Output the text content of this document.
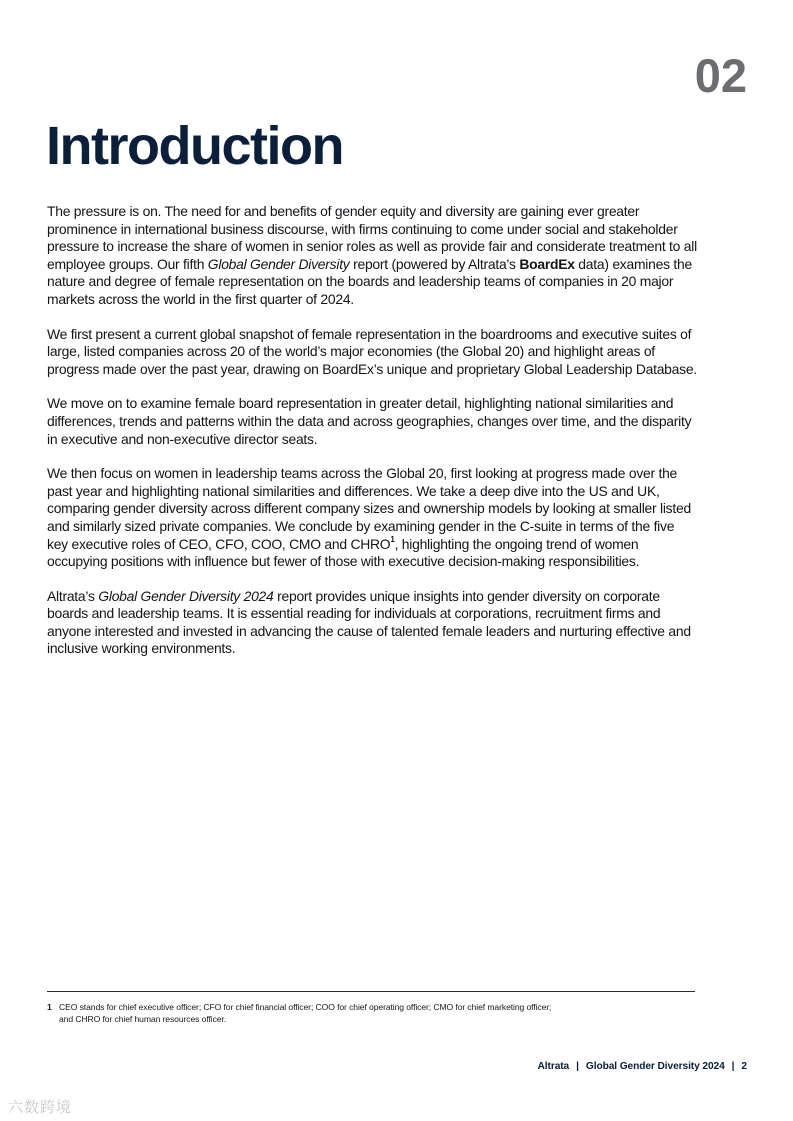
02
Introduction

The pressure is on. The need for and benefits of gender equity and diversity are gaining ever greater prominence in international business discourse, with firms continuing to come under social and stakeholder pressure to increase the share of women in senior roles as well as provide fair and considerate treatment to all employee groups. Our fifth Global Gender Diversity report (powered by Altrata’s BoardEx data) examines the nature and degree of female representation on the boards and leadership teams of companies in 20 major markets across the world in the first quarter of 2024.

We first present a current global snapshot of female representation in the boardrooms and executive suites of large, listed companies across 20 of the world’s major economies (the Global 20) and highlight areas of progress made over the past year, drawing on BoardEx’s unique and proprietary Global Leadership Database.

We move on to examine female board representation in greater detail, highlighting national similarities and differences, trends and patterns within the data and across geographies, changes over time, and the disparity in executive and non-executive director seats.

We then focus on women in leadership teams across the Global 20, first looking at progress made over the past year and highlighting national similarities and differences. We take a deep dive into the US and UK, comparing gender diversity across different company sizes and ownership models by looking at smaller listed and similarly sized private companies. We conclude by examining gender in the C-suite in terms of the five key executive roles of CEO, CFO, COO, CMO and CHRO$^1$, highlighting the ongoing trend of women occupying positions with influence but fewer of those with executive decision-making responsibilities.

Altrata’s Global Gender Diversity 2024 report provides unique insights into gender diversity on corporate boards and leadership teams. It is essential reading for individuals at corporations, recruitment firms and anyone interested and invested in advancing the cause of talented female leaders and nurturing effective and inclusive working environments.

1 CEO stands for chief executive officer; CFO for chief financial officer; COO for chief operating officer; CMO for chief marketing officer;
and CHRO for chief human resources officer.
Altrata | Global Gender Diversity 2024 | 2
六数跨境
